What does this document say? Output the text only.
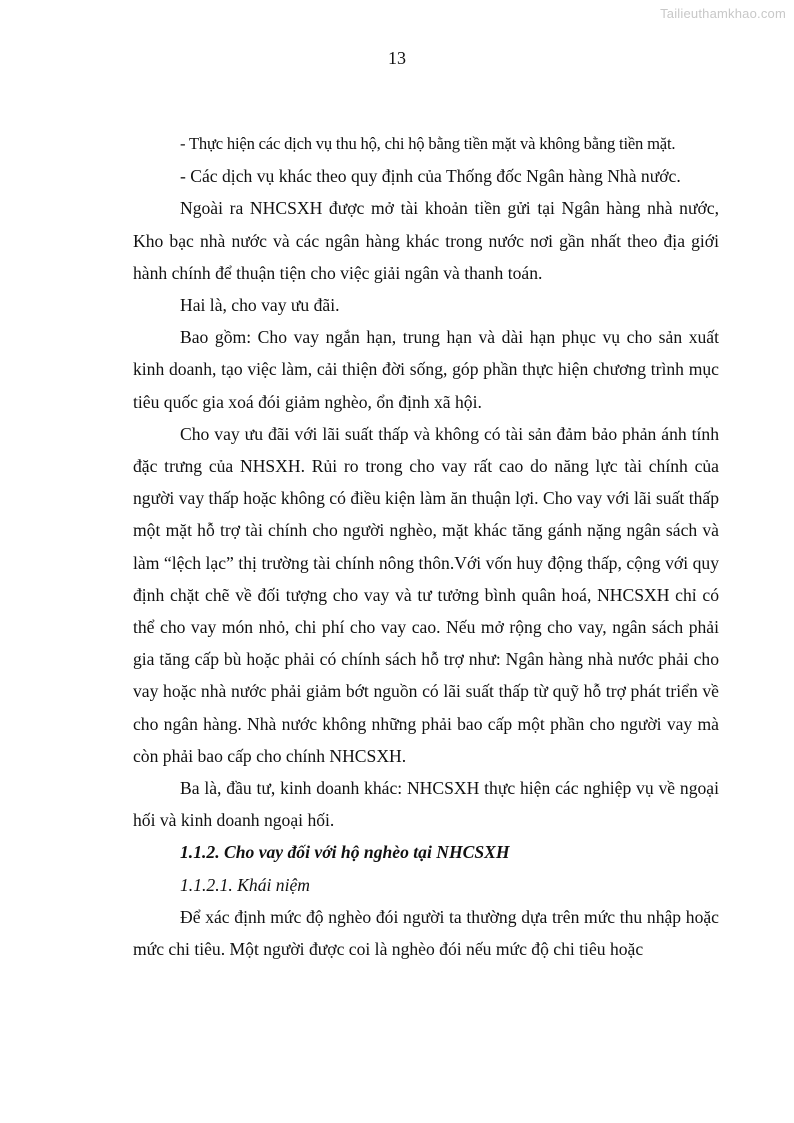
Tailieuthamkhao.com
13

- Thực hiện các dịch vụ thu hộ, chi hộ bằng tiền mặt và không bằng tiền mặt.

- Các dịch vụ khác theo quy định của Thống đốc Ngân hàng Nhà nước.

Ngoài ra NHCSXH được mở tài khoản tiền gửi tại Ngân hàng nhà nước, Kho bạc nhà nước và các ngân hàng khác trong nước nơi gần nhất theo địa giới hành chính để thuận tiện cho việc giải ngân và thanh toán.

Hai là, cho vay ưu đãi.

Bao gồm: Cho vay ngắn hạn, trung hạn và dài hạn phục vụ cho sản xuất kinh doanh, tạo việc làm, cải thiện đời sống, góp phần thực hiện chương trình mục tiêu quốc gia xoá đói giảm nghèo, ổn định xã hội.

Cho vay ưu đãi với lãi suất thấp và không có tài sản đảm bảo phản ánh tính đặc trưng của NHSXH. Rủi ro trong cho vay rất cao do năng lực tài chính của người vay thấp hoặc không có điều kiện làm ăn thuận lợi. Cho vay với lãi suất thấp một mặt hỗ trợ tài chính cho người nghèo, mặt khác tăng gánh nặng ngân sách và làm “lệch lạc” thị trường tài chính nông thôn.Với vốn huy động thấp, cộng với quy định chặt chẽ về đối tượng cho vay và tư tưởng bình quân hoá, NHCSXH chỉ có thể cho vay món nhỏ, chi phí cho vay cao. Nếu mở rộng cho vay, ngân sách phải gia tăng cấp bù hoặc phải có chính sách hỗ trợ như: Ngân hàng nhà nước phải cho vay hoặc nhà nước phải giảm bớt nguồn có lãi suất thấp từ quỹ hỗ trợ phát triển về cho ngân hàng. Nhà nước không những phải bao cấp một phần cho người vay mà còn phải bao cấp cho chính NHCSXH.

Ba là, đầu tư, kinh doanh khác: NHCSXH thực hiện các nghiệp vụ về ngoại hối và kinh doanh ngoại hối.

1.1.2. Cho vay đối với hộ nghèo tại NHCSXH

1.1.2.1. Khái niệm

Để xác định mức độ nghèo đói người ta thường dựa trên mức thu nhập hoặc mức chi tiêu. Một người được coi là nghèo đói nếu mức độ chi tiêu hoặc
